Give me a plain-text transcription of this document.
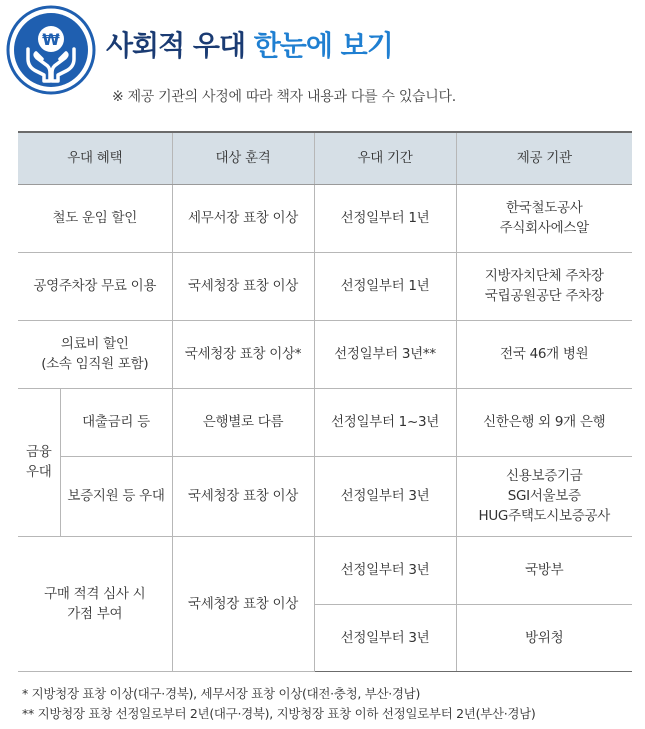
₩ 사회적 우대 한눈에 보기
※ 제공 기관의 사정에 따라 책자 내용과 다를 수 있습니다.
우대 혜택		대상 훈격	우대 기간	제공 기관
철도 운임 할인		세무서장 표창 이상	선정일부터 1년	한국철도공사
주식회사에스알

공영주차장 무료 이용		국세청장 표창 이상	선정일부터 1년	지방자치단체 주차장
국립공원공단 주차장

의료비 할인
(소속 임직원 포함)		국세청장 표창 이상*	선정일부터 3년**	전국 46개 병원

금융
우대	대출금리 등	은행별로 다름	선정일부터 1~3년	신한은행 외 9개 은행
	보증지원 등 우대	국세청장 표창 이상	선정일부터 3년	신용보증기금
SGI서울보증
HUG주택도시보증공사

구매 적격 심사 시
가점 부여		국세청장 표창 이상	선정일부터 3년	국방부
			선정일부터 3년	방위청
* 지방청장 표창 이상(대구·경북), 세무서장 표창 이상(대전·충청, 부산·경남)
** 지방청장 표창 선정일로부터 2년(대구·경북), 지방청장 표창 이하 선정일로부터 2년(부산·경남)
